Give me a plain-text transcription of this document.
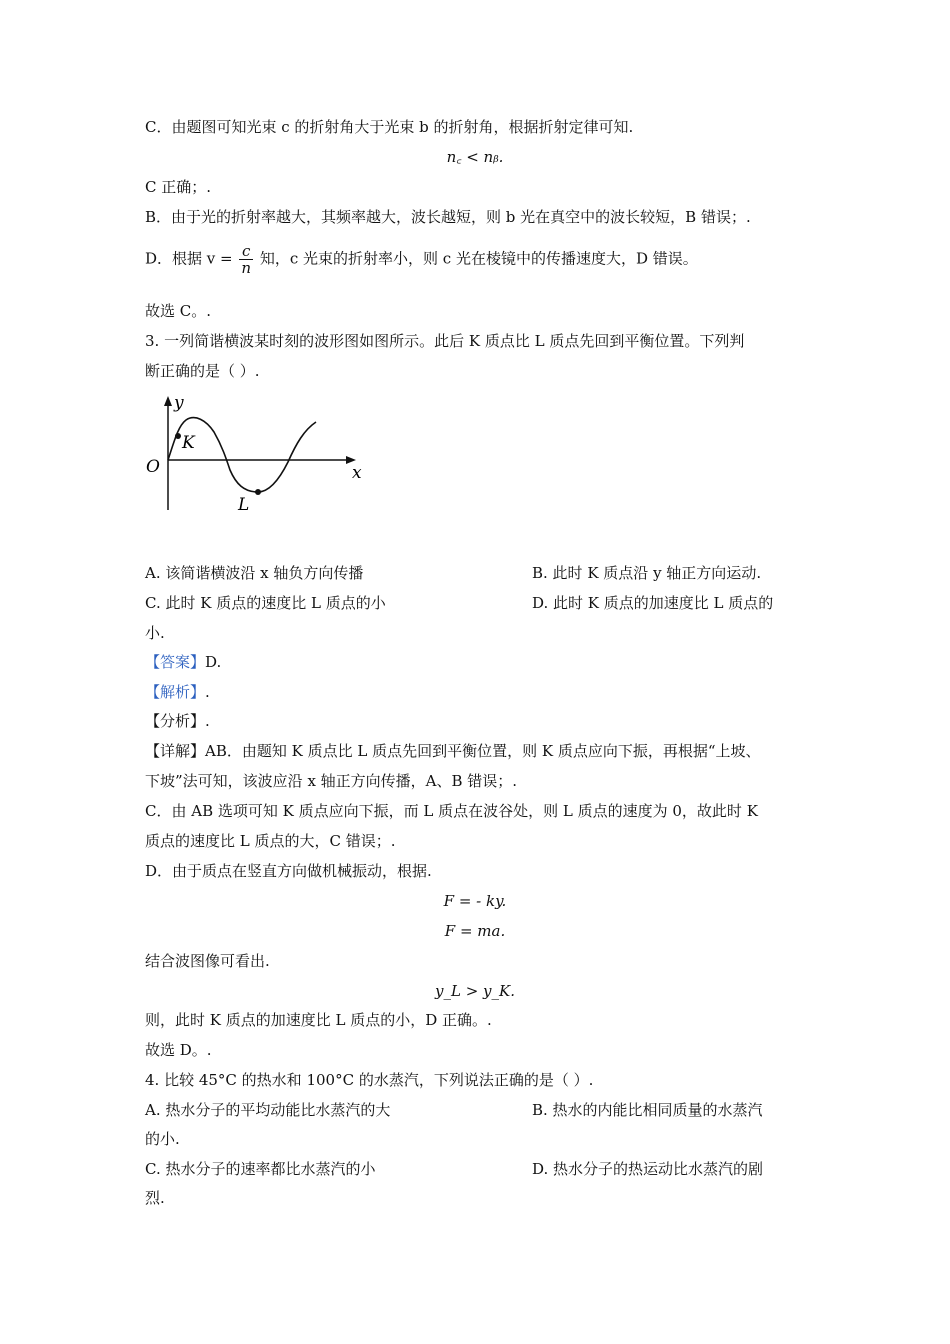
C．由题图可知光束 c 的折射角大于光束 b 的折射角，根据折射定律可知.
n꜀ < nᵦ.
C 正确；.
B．由于光的折射率越大，其频率越大，波长越短，则 b 光在真空中的波长较短，B 错误；.
D．根据 $v = \frac{c}{n}$ 知，c 光束的折射率小，则 c 光在棱镜中的传播速度大，D 错误。
故选 C。.
3. 一列简谐横波某时刻的波形图如图所示。此后 K 质点比 L 质点先回到平衡位置。下列判
断正确的是（ ）.
y
x
O
K
L
A. 该简谐横波沿 x 轴负方向传播	B. 此时 K 质点沿 y 轴正方向运动.
C. 此时 K 质点的速度比 L 质点的小	D. 此时 K 质点的加速度比 L 质点的
小.
【答案】D.
【解析】.
【分析】.
【详解】AB．由题知 K 质点比 L 质点先回到平衡位置，则 K 质点应向下振，再根据“上坡、
下坡”法可知，该波应沿 x 轴正方向传播，A、B 错误；.
C．由 AB 选项可知 K 质点应向下振，而 L 质点在波谷处，则 L 质点的速度为 0，故此时 K
质点的速度比 L 质点的大，C 错误；.
D．由于质点在竖直方向做机械振动，根据.
F = - ky.
F = ma.
结合波图像可看出.
y_L > y_K.
则，此时 K 质点的加速度比 L 质点的小，D 正确。.
故选 D。.
4. 比较 45°C 的热水和 100°C 的水蒸汽，下列说法正确的是（ ）.
A. 热水分子的平均动能比水蒸汽的大	B. 热水的内能比相同质量的水蒸汽
的小.
C. 热水分子的速率都比水蒸汽的小	D. 热水分子的热运动比水蒸汽的剧
烈.
